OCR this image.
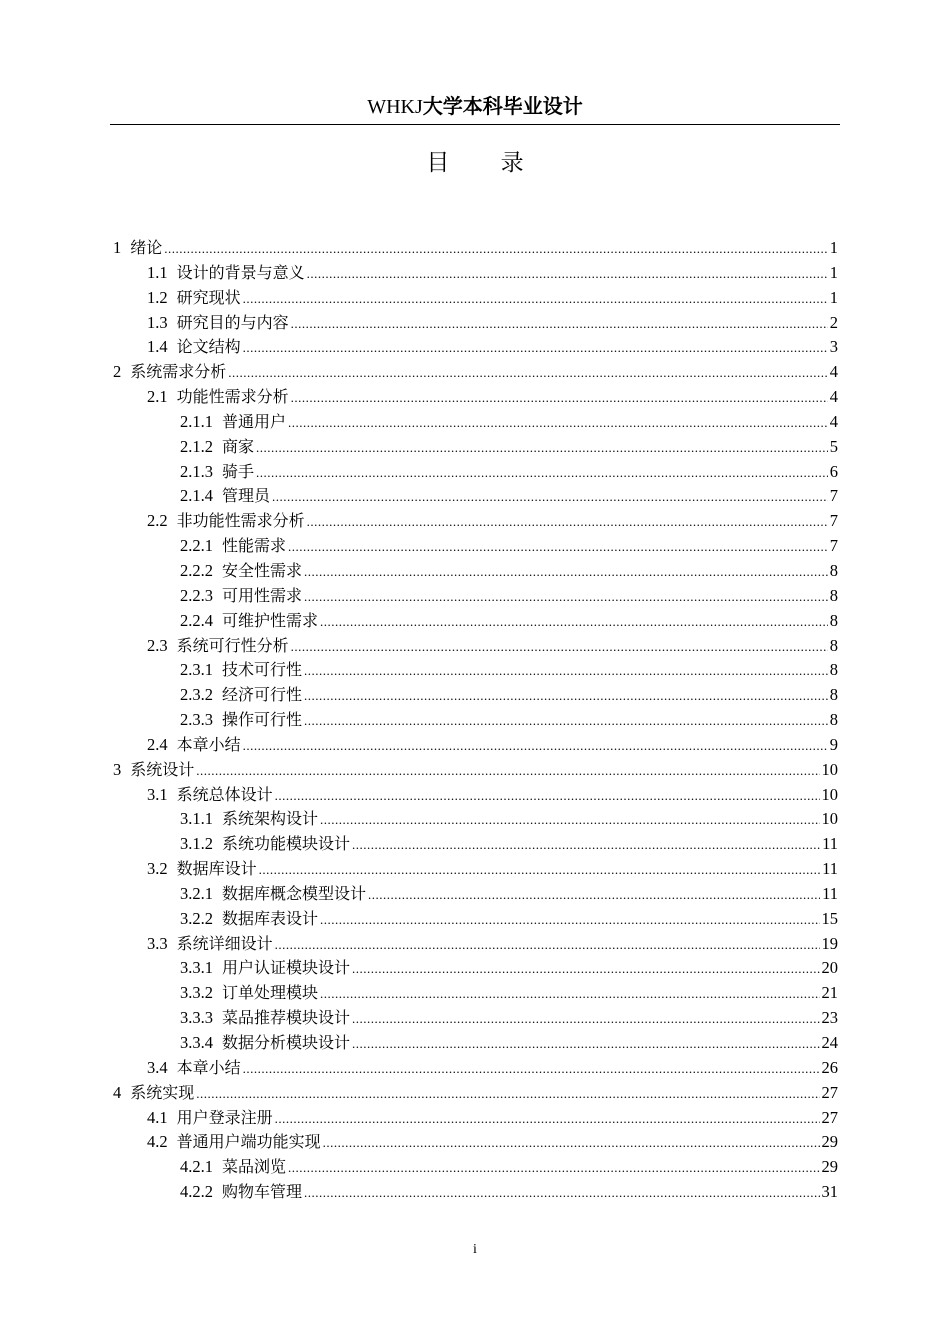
WHKJ大学本科毕业设计
目 录
1 绪论 .....	1
1.1 设计的背景与意义 .....	1
1.2 研究现状 .....	1
1.3 研究目的与内容 .....	2
1.4 论文结构 .....	3
2 系统需求分析 .....	4
2.1 功能性需求分析 .....	4
2.1.1 普通用户 .....	4
2.1.2 商家 .....	5
2.1.3 骑手 .....	6
2.1.4 管理员 .....	7
2.2 非功能性需求分析 .....	7
2.2.1 性能需求 .....	7
2.2.2 安全性需求 .....	8
2.2.3 可用性需求 .....	8
2.2.4 可维护性需求 .....	8
2.3 系统可行性分析 .....	8
2.3.1 技术可行性 .....	8
2.3.2 经济可行性 .....	8
2.3.3 操作可行性 .....	8
2.4 本章小结 .....	9
3 系统设计 .....	10
3.1 系统总体设计 .....	10
3.1.1 系统架构设计 .....	10
3.1.2 系统功能模块设计 .....	11
3.2 数据库设计 .....	11
3.2.1 数据库概念模型设计 .....	11
3.2.2 数据库表设计 .....	15
3.3 系统详细设计 .....	19
3.3.1 用户认证模块设计 .....	20
3.3.2 订单处理模块 .....	21
3.3.3 菜品推荐模块设计 .....	23
3.3.4 数据分析模块设计 .....	24
3.4 本章小结 .....	26
4 系统实现 .....	27
4.1 用户登录注册 .....	27
4.2 普通用户端功能实现 .....	29
4.2.1 菜品浏览 .....	29
4.2.2 购物车管理 .....	31
i
